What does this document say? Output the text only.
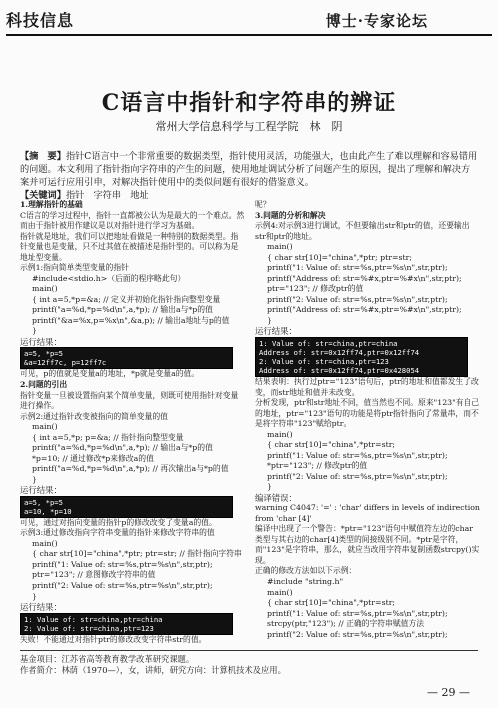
科技信息	博士·专家论坛
C语言中指针和字符串的辨证
常州大学信息科学与工程学院　林　阴
【摘　要】指针C语言中一个非常重要的数据类型，指针使用灵活，功能强大，也由此产生了难以理解和容易错用的问题。本文利用了指针指向字符串的产生的问题，使用地址调试分析了问题产生的原因，提出了理解和解决方案并可运行应用引申，对解决指针使用中的类似问题有很好的借鉴意义。
【关键词】指针　字符串　地址

1.理解指针的基础

C语言的学习过程中，指针一直都被公认为是最大的一个难点。然而由于指针被用作建议是以对指针进行学习为基础。

指针就是地址，我们可以把地址看做是一种特别的数据类型。指针变量也是变量，只不过其值在被描述是指针型的。可以称为是地址型变量。

示例1:指向简单类型变量的指针

#include<stdio.h>（后面的程序略此句）

main()

{ int a=5,*p=&a; // 定义并初始化指针指向整型变量

printf("a=%d,*p=%d\n",a,*p); // 输出a与*p的值

printf("&a=%x,p=%x\n",&a,p); // 输出a地址与p的值

}

运行结果：

a=5, *p=5
&a=12ff7c, p=12ff7c

可见，p的值就是变量a的地址，*p就是变量a的值。

2.问题的引出

指针变量一旦被设置指向某个简单变量，则既可使用指针对变量进行操作。

示例2:通过指针改变被指向的简单变量的值

main()

{ int a=5,*p; p=&a; // 指针指向整型变量

printf("a=%d,*p=%d\n",a,*p); // 输出a与*p的值

*p=10; // 通过修改*p来修改a的值

printf("a=%d,*p=%d\n",a,*p); // 再次输出a与*p的值

}

运行结果：

a=5, *p=5
a=10, *p=10

可见，通过对指向变量的指针p的修改改变了变量a的值。

示例3:通过修改指向字符串变量的指针来修改字符串的值

main()

{ char str[10]="china",*ptr; ptr=str; // 指针指向字符串

printf("1: Value of: str=%s,ptr=%s\n",str,ptr);

ptr="123"; // 意图修改字符串的值

printf("2: Value of: str=%s,ptr=%s\n",str,ptr);

}

运行结果：

1: Value of: str=china,ptr=china
2: Value of: str=china,ptr=123

失败！不能通过对指针ptr的修改改变字符串str的值。

呢？

3.问题的分析和解决

示例4:对示例3进行调试，不但要输出str和ptr的值，还要输出str和ptr的地址。

main()

{ char str[10]="china",*ptr; ptr=str;

printf("1: Value of: str=%s,ptr=%s\n",str,ptr);

printf("Address of: str=%#x,ptr=%#x\n",str,ptr);

ptr="123"; // 修改ptr的值

printf("2: Value of: str=%s,ptr=%s\n",str,ptr);

printf("Address of: str=%#x,ptr=%#x\n",str,ptr);

}

运行结果：

1: Value of: str=china,ptr=china
Address of: str=0x12ff74,ptr=0x12ff74
2: Value of: str=china,ptr=123
Address of: str=0x12ff74,ptr=0x428054

结果表明：执行过ptr="123"语句后，ptr的地址和值都发生了改变，而str地址和值并未改变。

分析发现，ptr和str地址不同，值当然也不同。原来"123"有自己的地址，ptr="123"语句的功能是将ptr指针指向了常量串，而不是将字符串"123"赋给ptr。

main()

{ char str[10]="china",*ptr=str;

printf("1: Value of: str=%s,ptr=%s\n",str,ptr);

*ptr="123"; // 修改ptr的值

printf("2: Value of: str=%s,ptr=%s\n",str,ptr);

}

编译错误：

warning C4047: '=' : 'char' differs in levels of indirection from 'char [4]'

编译中出现了一个警告：*ptr="123"语句中赋值符左边的char类型与其右边的char[4]类型的间接级别不同。*ptr是字符，而"123"是字符串，那么，就应当改用字符串复制函数strcpy()实现。

正确的修改方法如以下示例：

#include "string.h"

main()

{ char str[10]="china",*ptr=str;

printf("1: Value of: str=%s,ptr=%s\n",str,ptr);

strcpy(ptr,"123"); // 正确的字符串赋值方法

printf("2: Value of: str=%s,ptr=%s\n",str,ptr);

基金项目：江苏省高等教育教学改革研究课题。
作者简介：林荫（1970—），女，讲师，研究方向：计算机技术及应用。
— 29 —
